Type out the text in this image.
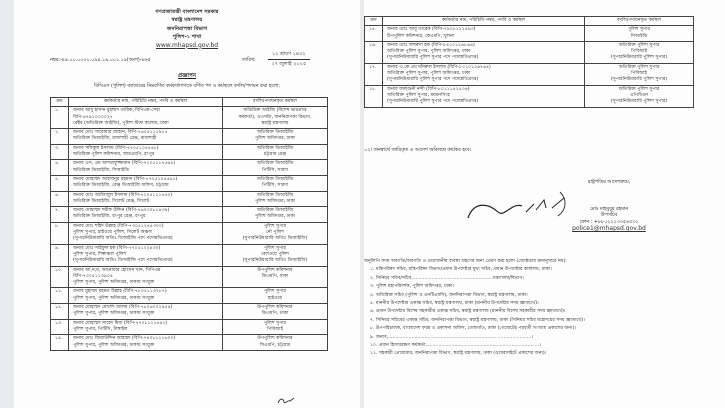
গণপ্রজাতন্ত্রী বাংলাদেশ সরকার
স্বরাষ্ট্র মন্ত্রণালয়
জননিরাপত্তা বিভাগ
পুলিশ-১ শাখা
www.mhapsd.gov.bd
নম্বর:-৪৪.০০.০০০০.০৯৪.১৯.০০১.১৯(অংশ)-৮৬৫	তারিখ:
১২ শ্রাবণ ১৪৩২
২৭ জুলাই ২০২৫
প্রজ্ঞাপন
বিসিএস (পুলিশ) ক্যাডারের নিম্নবর্ণিত কর্মকর্তাগণকে বর্ণিত পদ ও কর্মস্থলে বদলি/পদায়ন করা হলো:
ক্রম	কর্মকর্তার নাম, পরিচিতি নম্বর, পদবি ও কর্মস্থল	বদলি/পদায়নকৃত কর্মস্থল
১.	জনাব আবু হাসান মুহাম্মদ তারিক, বিপিএম-সেবা
বিপি-৬৭৯১০০০০২৭
রেক্টর (অতিরিক্ত আইজি), পুলিশ স্টাফ কলেজ, ঢাকা	অতিরিক্ত আইজি (বিশেষ ভারপ্রাপ্ত
কর্মকর্তা), ওএসডি, জননিরাপত্তা বিভাগ,
স্বরাষ্ট্র মন্ত্রণালয়

২.	জনাব মোঃ সারোয়ার জাহান, বিপি-৭৬০৫১১২৯২৫
অতিরিক্ত ডিআইজি, রাজশাহী রেঞ্জ, রাজশাহী	অতিরিক্ত ডিআইজি
পুলিশ অধিদপ্তর, ঢাকা

৩.	জনাব সফিকুল ইসলাম (বিপি-৭৭০৫১০৪৫৪৮)
অতিরিক্ত পুলিশ কমিশনার, আরএমপি, রংপুর	অতিরিক্ত ডিআইজি
চট্টগ্রাম রেঞ্জ

৪.	জনাব এস, এম আশরাফুজ্জামান (বিপি-৭২০৫১১৭৫৬৪)
অতিরিক্ত ডিআইজি, সিআইডি	অতিরিক্ত ডিআইজি
পিটিসি, সারদা

৫.	জনাব মোহাম্মদ আহসানুর রহমান (বিপি-৭৭০৫১০৪৫৬১)
অতিরিক্ত ডিআইজি, রেঞ্জ ডিআইজি অফিস, চট্টগ্রাম	অতিরিক্ত ডিআইজি
পিটিসি, সারদা

৬.	জনাব মোঃ আজিজুল ইসলাম (বিপি-৭২০৫১২১৫৫০)
অতিরিক্ত ডিআইজি, সিলেট রেঞ্জ, সিলেট	অতিরিক্ত ডিআইজি
পুলিশ অধিদপ্তর, ঢাকা

৭.	জনাব মোহাম্মদ শরীফ উদ্দিন (বিপি-৭৬০৩০৮১৪৩৯)
অতিরিক্ত ডিআইজি, রংপুর রেঞ্জ, রংপুর	অতিরিক্ত ডিআইজি
পুলিশ অধিদপ্তর, ঢাকা

৮.	জনাব মোঃ শহিদ উল্লাহ (বিপি-৭৩০৫১২৪৫৩০০)
পুলিশ সুপার, হাইওয়ে পুলিশ, সিলেট অঞ্চল
(সুপারনিউমারারি অতিঃ ডিআইজি পদে পদোন্নতিপ্রাপ্ত)	পুলিশ সুপার
নৌ পুলিশ
(সুপারনিউমারারি অতিঃ ডিআইজি)

৯.	জনাব মোঃ সাইফুল হক (বিপি-৭৭০৫১২২৪৩০)
পুলিশ সুপার, শিল্পাঞ্চল পুলিশ
(সুপারনিউমারারি অতিঃ ডিআইজি পদে পদোন্নতিপ্রাপ্ত)	পুলিশ সুপার
রেলওয়ে পুলিশ
(সুপারনিউমারারি অতিঃ ডিআইজি)

১০.	জনাব আ,ন,ম, আনোয়ার হোসেন খান, পিপিএম
বিপি-৭০০৫১১৩৯০৪
পুলিশ সুপার, পুলিশ অধিদপ্তর, ঢাকায় সংযুক্ত	উপপুলিশ কমিশনার
ডিএমপি, ঢাকা

১১.	জনাব মুহাম্মদ রহমত উল্লাহ (বিপি-৭৮০৫১১৩২৮৭)
পুলিশ সুপার, পুলিশ অধিদপ্তর, ঢাকায় সংযুক্ত	পুলিশ সুপার
হাইওয়ে

১২.	জনাব মোহাম্মদ মোর্শেদ আলম (বিপি-৭৮০৬০০২৯৫৪)
পুলিশ সুপার, পুলিশ অধিদপ্তর, ঢাকায় সংযুক্ত	উপপুলিশ কমিশনার
ডিএমপি, ঢাকা

১৩.	জনাব মোহাম্মদ সাহেদ মিয়া (বিপি-৭৭০৮১২১৬৪২)
পুলিশ সুপার, পিটিসি, টাঙ্গাইল	পুলিশ সুপার
পিবিআই

১৪.	জনাব মোঃ জিয়াউদ্দিন আহম্মদ (বিপি-৭৪০৮১২১৬০০)
পুলিশ সুপার, পুলিশ অধিদপ্তর, ঢাকায় সংযুক্ত	উপপুলিশ কমিশনার
সিএমপি, চট্টগ্রাম
ক্রম	কর্মকর্তার নাম, পরিচিতি নম্বর, পদবি ও কর্মস্থল	বদলি/পদায়নকৃত কর্মস্থল
১৫.	জনাব মোঃ আবু তারেক (বিপি-৭৯০৮১২১৫৬৩)
উপপুলিশ কমিশনার, কেএমপি, খুলনা	পুলিশ সুপার
সিআইডি

১৬.	জনাব মোঃ জহুরুল হক (বিপি-৮৪১০১২৬৮৬৬)
অতিরিক্ত পুলিশ সুপার, পুলিশ অধিদপ্তর, ঢাকা
(সুপারনিউমারারি পুলিশ সুপার পদে পদোন্নতিপ্রাপ্ত)	অতিরিক্ত পুলিশ সুপার
পিবিআই
(সুপারনিউমারারি পুলিশ সুপার)

১৭.	জনাব এ.কে.এম মনিরুল ইসলাম (বিপি-৮০১০১২৬৭৬৪)
অতিরিক্ত পুলিশ সুপার, পুলিশ অধিদপ্তর, ঢাকা
(সুপারনিউমারারি পুলিশ সুপার পদে পদোন্নতিপ্রাপ্ত)	অতিরিক্ত পুলিশ সুপার
পিবিআই
(সুপারনিউমারারি পুলিশ সুপার)

১৮.	জনাব ফাল্গুনী নন্দী (বিপি-৮০১১১৪২৫৩৬)
অতিরিক্ত পুলিশ সুপার, ময়মনসিংহ
(সুপারনিউমারারি পুলিশ সুপার পদে পদোন্নতিপ্রাপ্ত)	অতিরিক্ত পুলিশ সুপার
এপিবিএন
(সুপারনিউমারারি পুলিশ সুপার)
০২। জনস্বার্থে জারিকৃত এ আদেশ অবিলম্বে কার্যকর হবে।
রাষ্ট্রপতির আদেশক্রমে,
মোঃ মাহবুবুর রহমান
উপসচিব
ফোন : +৮৮০২২২৩৩৫৪৫৩১
police1@mhapsd.gov.bd
অনুলিপি সদয় অবগতি/অবগতি ও প্রয়োজনীয় ব্যবস্থা গ্রহণের জন্য প্রেরণ করা হলো (জ্যেষ্ঠতার ক্রমানুসারে নয়):
১. মন্ত্রিপরিষদ সচিব, মন্ত্রিপরিষদ বিভাগ/প্রধান উপদেষ্টার মুখ্য সচিব, প্রধান উপদেষ্টার কার্যালয়, ঢাকা।
২. সিনিয়র সচিব/সচিব,.......................................................মন্ত্রণালয়/বিভাগ।
৩. পুলিশ মহাপরিদর্শক, পুলিশ অধিদপ্তর, ঢাকা।
৪. অতিরিক্ত সচিব (পুলিশ ও এনটিএমসি), জননিরাপত্তা বিভাগ, স্বরাষ্ট্র মন্ত্রণালয়, ঢাকা।
৫. মাননীয় উপদেষ্টার একান্ত সচিব, স্বরাষ্ট্র মন্ত্রণালয়, ঢাকা (মাননীয় উপদেষ্টার সদয় জ্ঞাতার্থে)।
৬. প্রধান উপদেষ্টার বিশেষ সহকারীর একান্ত সচিব, স্বরাষ্ট্র মন্ত্রণালয় (মাননীয় বিশেষ সহকারীর সদয় জ্ঞাতার্থে)।
৭. সিনিয়র সচিবের একান্ত সচিব, জননিরাপত্তা বিভাগ, স্বরাষ্ট্র মন্ত্রণালয়, ঢাকা (সিনিয়র সচিব মহোদয়ের সদয় জ্ঞাতার্থে)।
৮. উপপরিচালক, বাংলাদেশ ফরম ও প্রকাশনা অফিস, তেজগাঁও, ঢাকা (গেজেটের পরবর্তী সংখ্যায় প্রকাশের জন্য)।
৯. জনাব,..................................................................................................।
১০. প্রধান হিসাবরক্ষণ কর্মকর্তা,.............................................................................।
১১. সহকারী প্রোগ্রামার, জননিরাপত্তা বিভাগ, স্বরাষ্ট্র মন্ত্রণালয়, ঢাকা (ওয়েবসাইটে প্রকাশের জন্য)।
